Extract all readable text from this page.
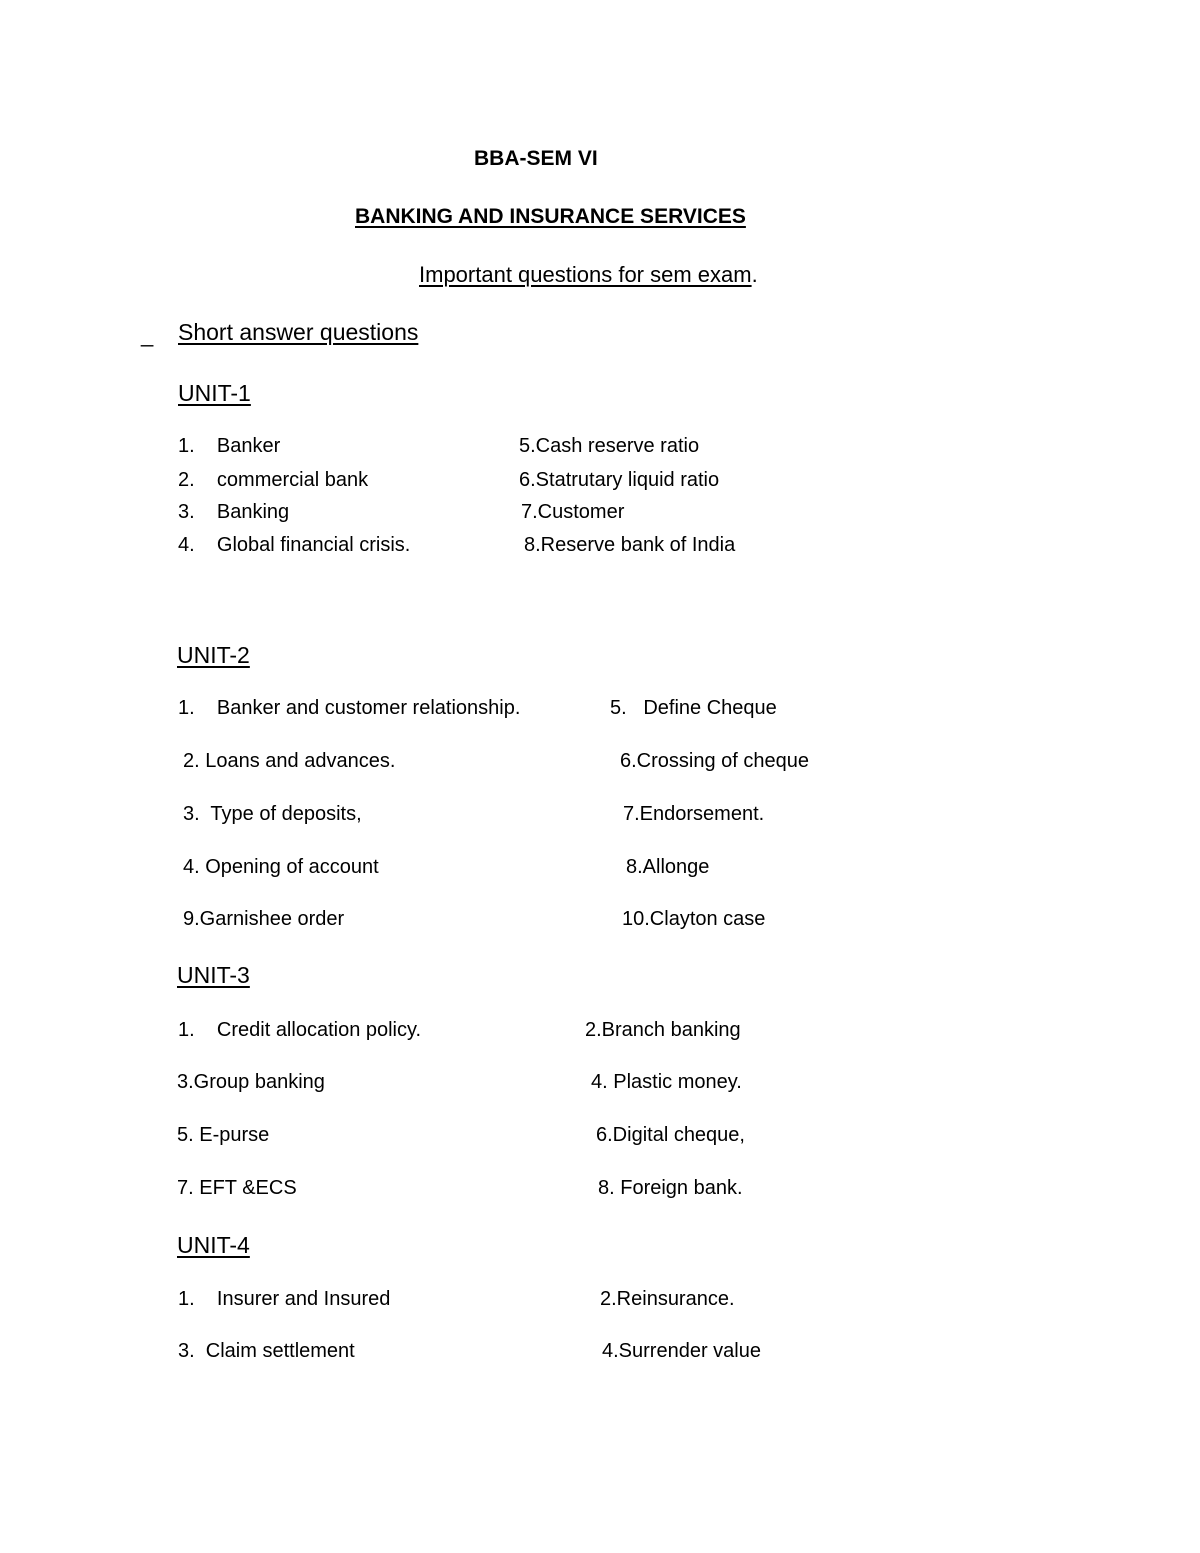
BBA-SEM VI
BANKING AND INSURANCE SERVICES
Important questions for sem exam.
_ Short answer questions
UNIT-1
1.    Banker	5.Cash reserve ratio
2.    commercial bank	6.Statrutary liquid ratio
3.    Banking	7.Customer
4.    Global financial crisis.	8.Reserve bank of India
UNIT-2
1.    Banker and customer relationship.	5.   Define Cheque
2. Loans and advances.	6.Crossing of cheque
3.  Type of deposits,	7.Endorsement.
4. Opening of account	8.Allonge
9.Garnishee order	10.Clayton case
UNIT-3
1.    Credit allocation policy.	2.Branch banking
3.Group banking	4. Plastic money.
5. E-purse	6.Digital cheque,
7. EFT &ECS	8. Foreign bank.
UNIT-4
1.    Insurer and Insured	2.Reinsurance.
3.  Claim settlement	4.Surrender value
